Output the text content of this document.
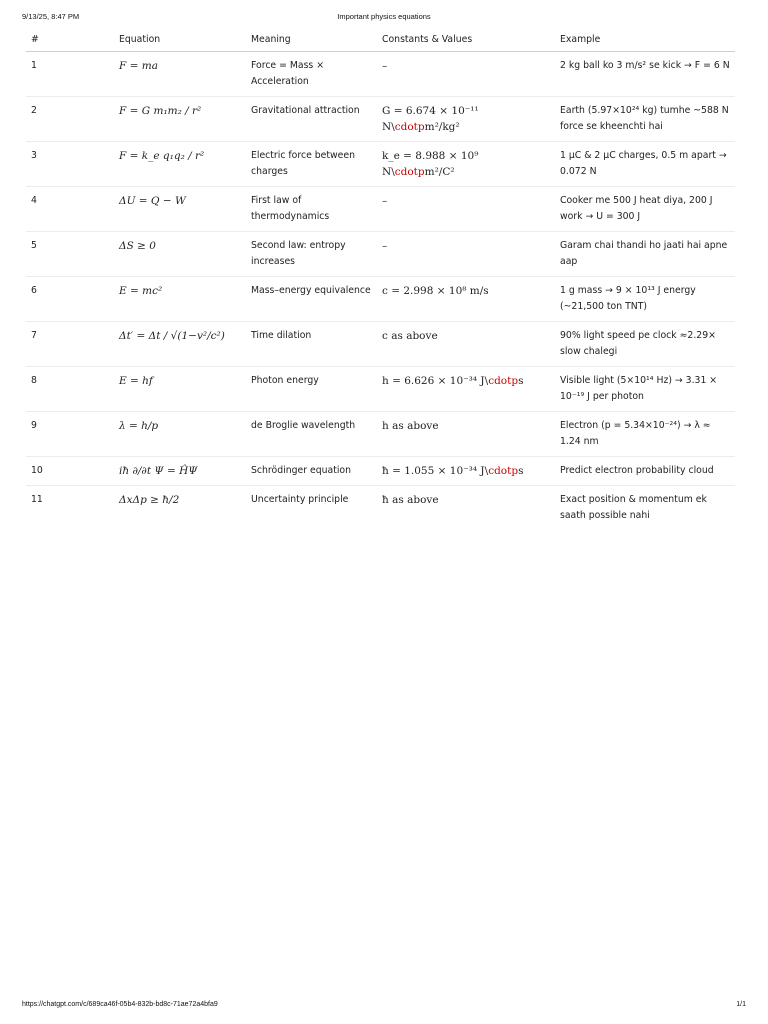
9/13/25, 8:47 PM	Important physics equations
#	Equation	Meaning	Constants & Values	Example
1	F = ma	Force = Mass × Acceleration	–	2 kg ball ko 3 m/s² se kick → F = 6 N
2	F = G m₁m₂ / r²	Gravitational attraction	G = 6.674 × 10⁻¹¹ N\cdotpm²/kg²	Earth (5.97×10²⁴ kg) tumhe ~588 N force se kheenchti hai
3	F = k_e q₁q₂ / r²	Electric force between charges	k_e = 8.988 × 10⁹ N\cdotpm²/C²	1 μC & 2 μC charges, 0.5 m apart → 0.072 N
4	ΔU = Q − W	First law of thermodynamics	–	Cooker me 500 J heat diya, 200 J work → U = 300 J
5	ΔS ≥ 0	Second law: entropy increases	–	Garam chai thandi ho jaati hai apne aap
6	E = mc²	Mass–energy equivalence	c = 2.998 × 10⁸ m/s	1 g mass → 9 × 10¹³ J energy (~21,500 ton TNT)
7	Δt′ = Δt / √(1−v²/c²)	Time dilation	c as above	90% light speed pe clock ≈2.29× slow chalegi
8	E = hf	Photon energy	h = 6.626 × 10⁻³⁴ J\cdotps	Visible light (5×10¹⁴ Hz) → 3.31 × 10⁻¹⁹ J per photon
9	λ = h/p	de Broglie wavelength	h as above	Electron (p = 5.34×10⁻²⁴) → λ ≈ 1.24 nm
10	iħ ∂/∂t Ψ = ĤΨ	Schrödinger equation	ħ = 1.055 × 10⁻³⁴ J\cdotps	Predict electron probability cloud
11	ΔxΔp ≥ ħ/2	Uncertainty principle	ħ as above	Exact position & momentum ek saath possible nahi
https://chatgpt.com/c/689ca46f-05b4-832b-bd8c-71ae72a4bfa9	1/1
